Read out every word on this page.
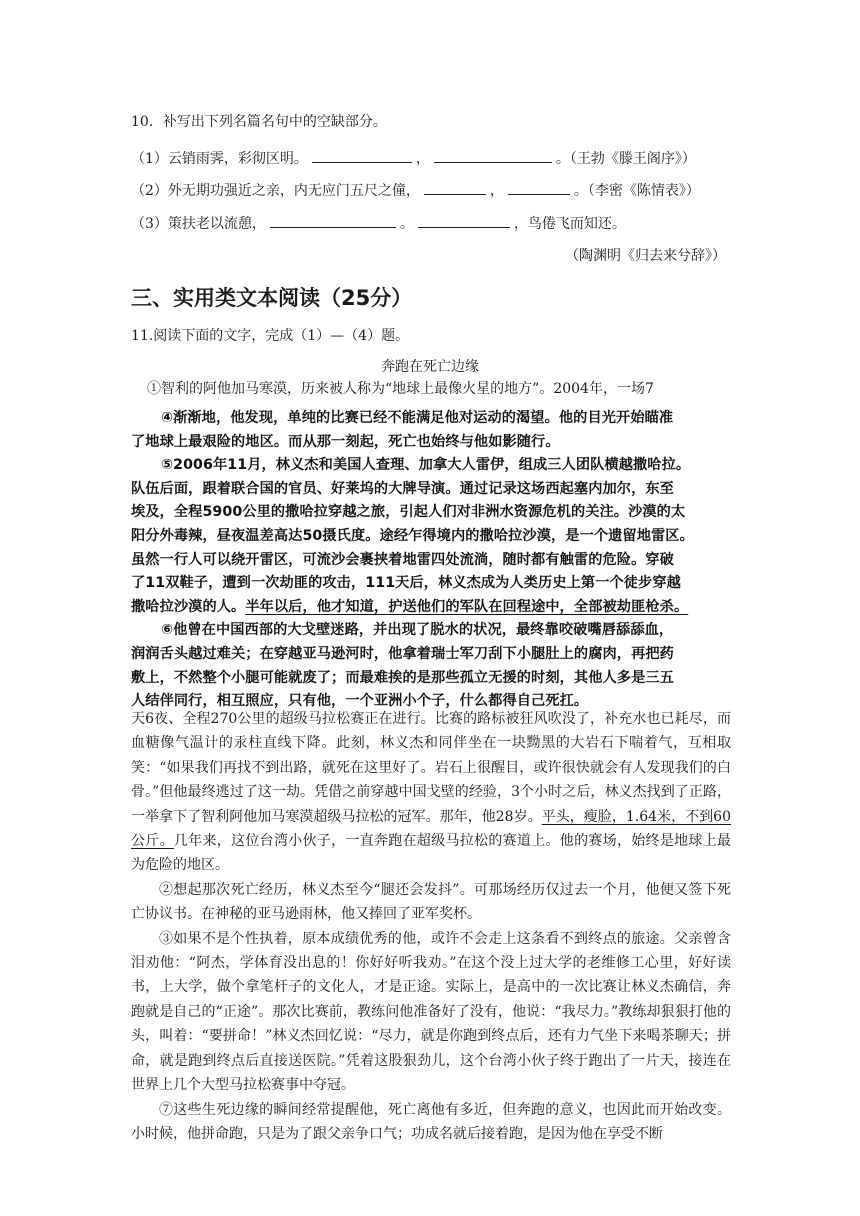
10．补写出下列名篇名句中的空缺部分。
（1）云销雨霁，彩彻区明。	，	。（王勃《滕王阁序》）
（2）外无期功强近之亲，内无应门五尺之僮，	，	。（李密《陈情表》）
（3）策扶老以流憩，	。	，鸟倦飞而知还。
（陶渊明《归去来兮辞》）
三、实用类文本阅读（25分）
11.阅读下面的文字，完成（1）—（4）题。
奔跑在死亡边缘
①智利的阿他加马寒漠，历来被人称为“地球上最像火星的地方”。2004年，一场7

④渐渐地，他发现，单纯的比赛已经不能满足他对运动的渴望。他的目光开始瞄准

了地球上最艰险的地区。而从那一刻起，死亡也始终与他如影随行。

⑤2006年11月，林义杰和美国人查理、加拿大人雷伊，组成三人团队横越撒哈拉。

队伍后面，跟着联合国的官员、好莱坞的大牌导演。通过记录这场西起塞内加尔，东至

埃及，全程5900公里的撒哈拉穿越之旅，引起人们对非洲水资源危机的关注。沙漠的太

阳分外毒辣，昼夜温差高达50摄氏度。途经乍得境内的撒哈拉沙漠，是一个遗留地雷区。

虽然一行人可以绕开雷区，可流沙会裹挟着地雷四处流淌，随时都有触雷的危险。穿破

了11双鞋子，遭到一次劫匪的攻击，111天后，林义杰成为人类历史上第一个徒步穿越

撒哈拉沙漠的人。半年以后，他才知道，护送他们的军队在回程途中，全部被劫匪枪杀。

⑥他曾在中国西部的大戈壁迷路，并出现了脱水的状况，最终靠咬破嘴唇舔舔血，

润润舌头越过难关；在穿越亚马逊河时，他拿着瑞士军刀刮下小腿肚上的腐肉，再把药

敷上，不然整个小腿可能就废了；而最难挨的是那些孤立无援的时刻，其他人多是三五

人结伴同行，相互照应，只有他，一个亚洲小个子，什么都得自己死扛。

天6夜、全程270公里的超级马拉松赛正在进行。比赛的路标被狂风吹没了，补充水也已耗尽，而血糖像气温计的汞柱直线下降。此刻，林义杰和同伴坐在一块黝黑的大岩石下喘着气，互相取笑：“如果我们再找不到出路，就死在这里好了。岩石上很醒目，或许很快就会有人发现我们的白骨。”但他最终逃过了这一劫。凭借之前穿越中国戈壁的经验，3个小时之后，林义杰找到了正路，一举拿下了智利阿他加马寒漠超级马拉松的冠军。那年，他28岁。平头，瘦脸，1.64米，不到60公斤。几年来，这位台湾小伙子，一直奔跑在超级马拉松的赛道上。他的赛场，始终是地球上最为危险的地区。

②想起那次死亡经历，林义杰至今“腿还会发抖”。可那场经历仅过去一个月，他便又签下死亡协议书。在神秘的亚马逊雨林，他又捧回了亚军奖杯。

③如果不是个性执着，原本成绩优秀的他，或许不会走上这条看不到终点的旅途。父亲曾含泪劝他：“阿杰，学体育没出息的！你好好听我劝。”在这个没上过大学的老维修工心里，好好读书，上大学，做个拿笔杆子的文化人，才是正途。实际上，是高中的一次比赛让林义杰确信，奔跑就是自己的“正途”。那次比赛前，教练问他准备好了没有，他说：“我尽力。”教练却狠狠打他的头，叫着：“要拼命！”林义杰回忆说：“尽力，就是你跑到终点后，还有力气坐下来喝茶聊天；拼命，就是跑到终点后直接送医院。”凭着这股狠劲儿，这个台湾小伙子终于跑出了一片天，接连在世界上几个大型马拉松赛事中夺冠。

⑦这些生死边缘的瞬间经常提醒他，死亡离他有多近，但奔跑的意义，也因此而开始改变。小时候，他拼命跑，只是为了跟父亲争口气；功成名就后接着跑，是因为他在享受不断
